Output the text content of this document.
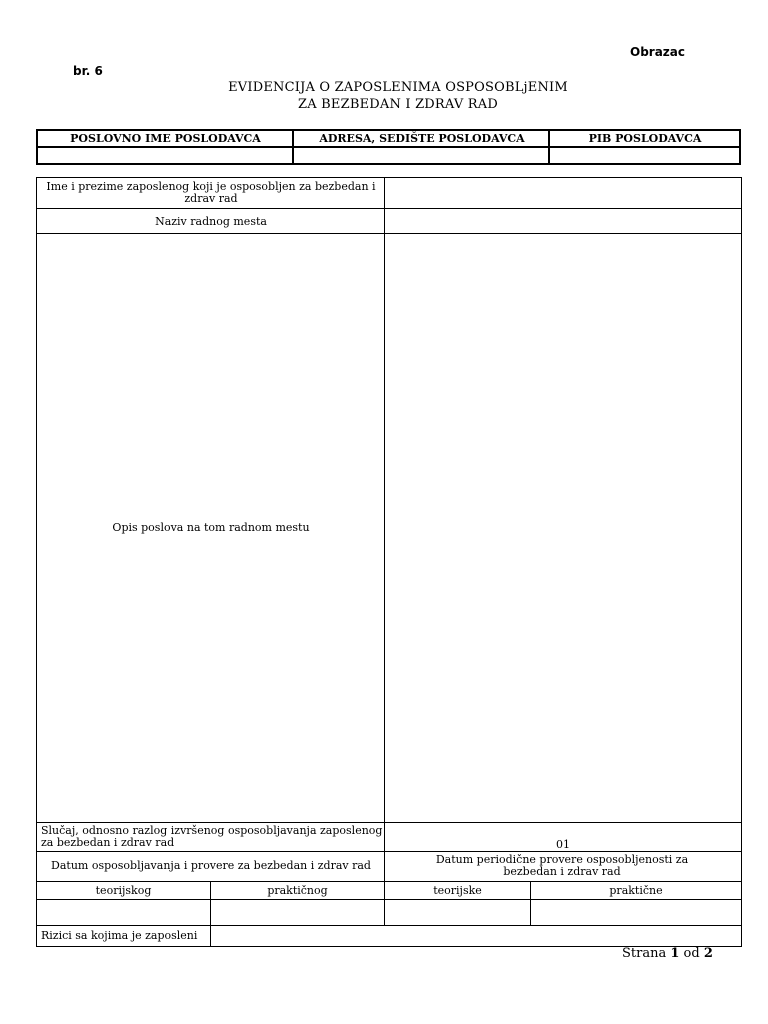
Obrazac
br. 6
EVIDENCIJA O ZAPOSLENIMA OSPOSOBLjENIM
ZA BEZBEDAN I ZDRAV RAD
POSLOVNO IME POSLODAVCA	ADRESA, SEDIŠTE POSLODAVCA	PIB POSLODAVCA
Ime i prezime zaposlenog koji je osposobljen za bezbedan i zdrav rad
Naziv radnog mesta
Opis poslova na tom radnom mestu
Slučaj, odnosno razlog izvršenog osposobljavanja zaposlenog za bezbedan i zdrav rad	01
Datum osposobljavanja i provere za bezbedan i zdrav rad	Datum periodične provere osposobljenosti za bezbedan i zdrav rad
teorijskog	praktičnog	teorijske	praktične
Rizici sa kojima je zaposleni
Strana 1 od 2
